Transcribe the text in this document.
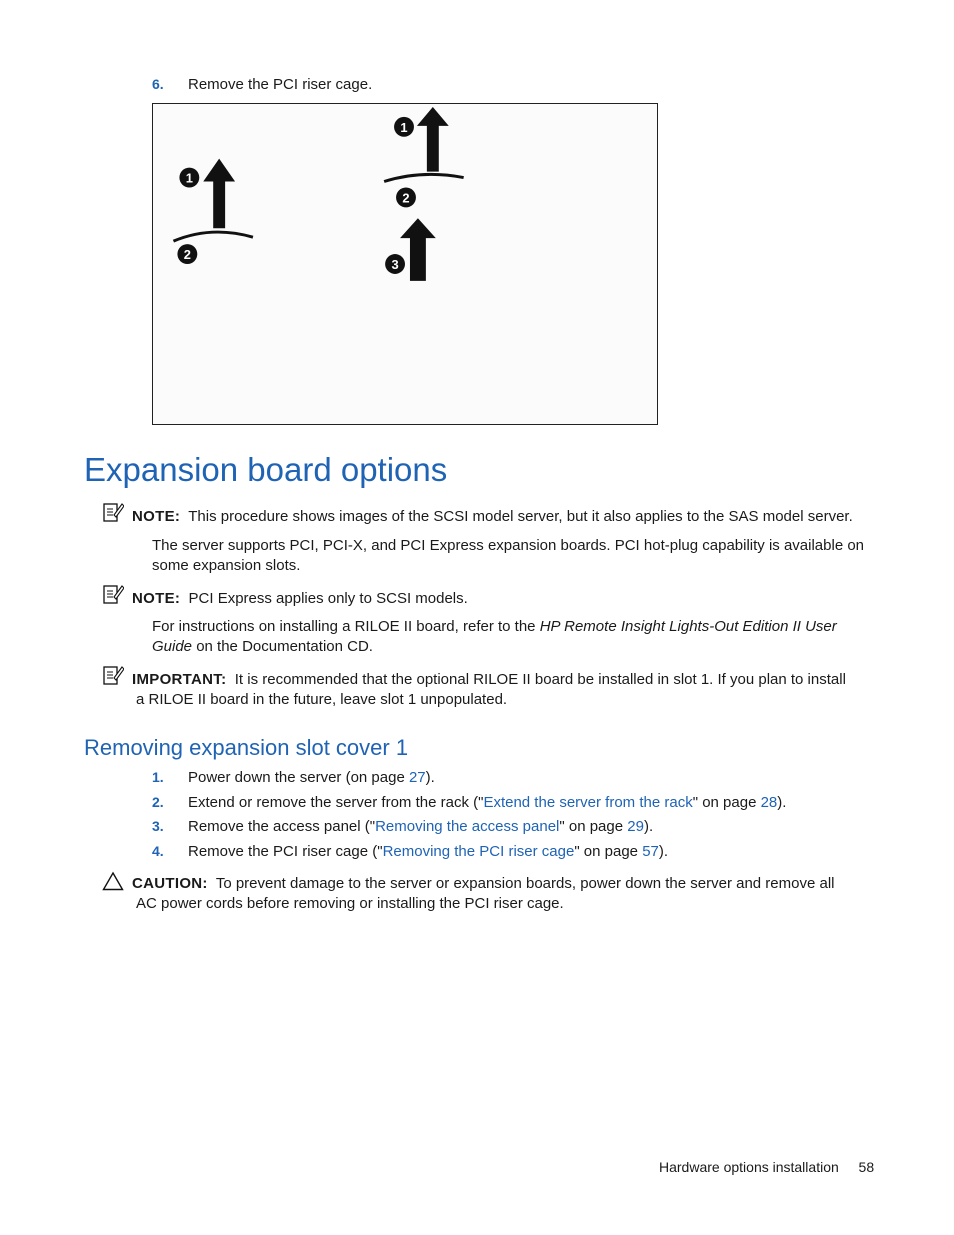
6. Remove the PCI riser cage.
1
2
1
2
3
Expansion board options
NOTE: This procedure shows images of the SCSI model server, but it also applies to the SAS model server.
The server supports PCI, PCI-X, and PCI Express expansion boards. PCI hot-plug capability is available on
some expansion slots.
NOTE: PCI Express applies only to SCSI models.
For instructions on installing a RILOE II board, refer to the HP Remote Insight Lights-Out Edition II User
Guide on the Documentation CD.
IMPORTANT: It is recommended that the optional RILOE II board be installed in slot 1. If you plan to install
a RILOE II board in the future, leave slot 1 unpopulated.
Removing expansion slot cover 1
1. Power down the server (on page 27).
2. Extend or remove the server from the rack ("Extend the server from the rack" on page 28).
3. Remove the access panel ("Removing the access panel" on page 29).
4. Remove the PCI riser cage ("Removing the PCI riser cage" on page 57).
CAUTION: To prevent damage to the server or expansion boards, power down the server and remove all
AC power cords before removing or installing the PCI riser cage.
Hardware options installation 58
